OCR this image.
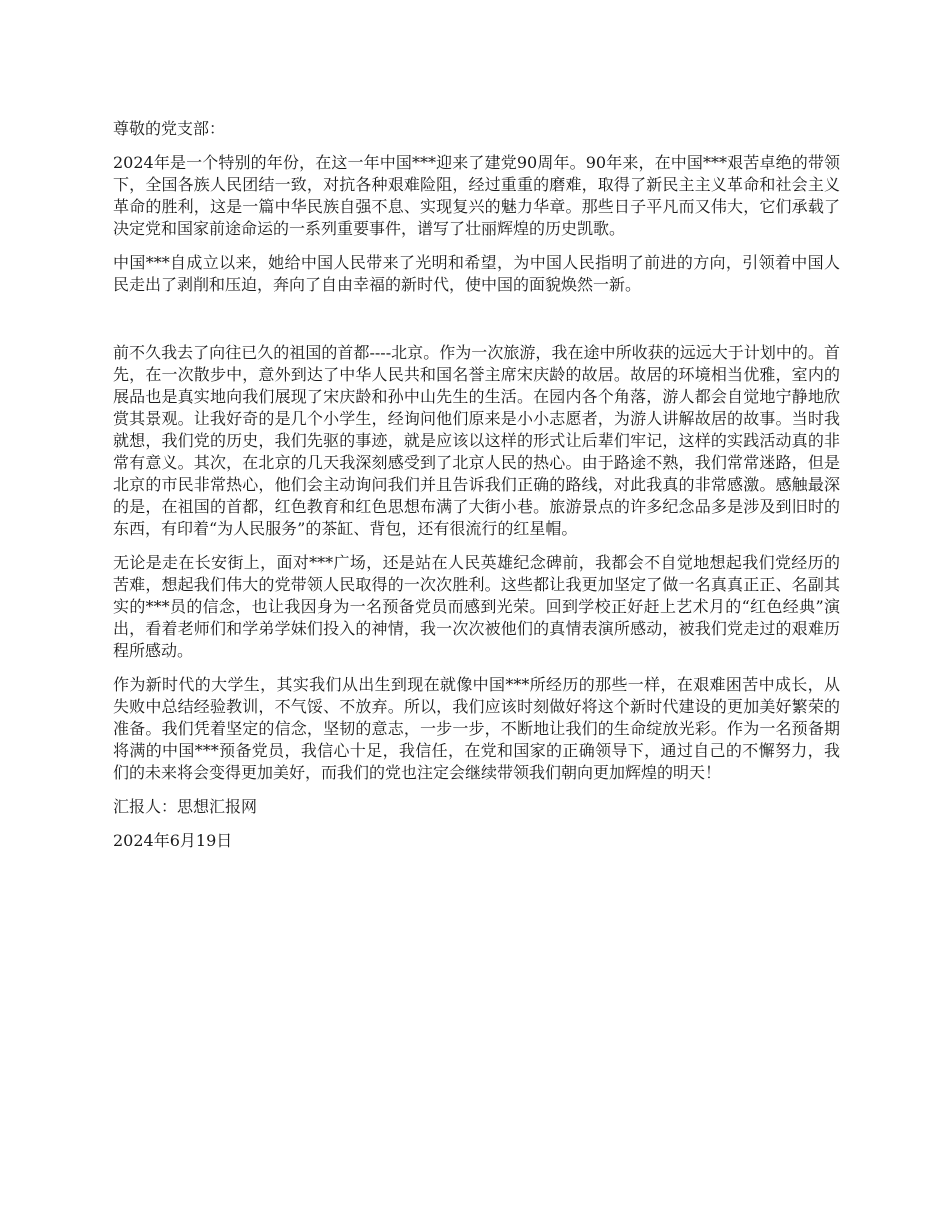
尊敬的党支部：

2024年是一个特别的年份，在这一年中国***迎来了建党90周年。90年来，在中国***艰苦卓绝的带领下，全国各族人民团结一致，对抗各种艰难险阻，经过重重的磨难，取得了新民主主义革命和社会主义革命的胜利，这是一篇中华民族自强不息、实现复兴的魅力华章。那些日子平凡而又伟大，它们承载了决定党和国家前途命运的一系列重要事件，谱写了壮丽辉煌的历史凯歌。

中国***自成立以来，她给中国人民带来了光明和希望，为中国人民指明了前进的方向，引领着中国人民走出了剥削和压迫，奔向了自由幸福的新时代，使中国的面貌焕然一新。

前不久我去了向往已久的祖国的首都----北京。作为一次旅游，我在途中所收获的远远大于计划中的。首先，在一次散步中，意外到达了中华人民共和国名誉主席宋庆龄的故居。故居的环境相当优雅，室内的展品也是真实地向我们展现了宋庆龄和孙中山先生的生活。在园内各个角落，游人都会自觉地宁静地欣赏其景观。让我好奇的是几个小学生，经询问他们原来是小小志愿者，为游人讲解故居的故事。当时我就想，我们党的历史，我们先驱的事迹，就是应该以这样的形式让后辈们牢记，这样的实践活动真的非常有意义。其次，在北京的几天我深刻感受到了北京人民的热心。由于路途不熟，我们常常迷路，但是北京的市民非常热心，他们会主动询问我们并且告诉我们正确的路线，对此我真的非常感激。感触最深的是，在祖国的首都，红色教育和红色思想布满了大街小巷。旅游景点的许多纪念品多是涉及到旧时的东西，有印着“为人民服务”的茶缸、背包，还有很流行的红星帽。

无论是走在长安街上，面对***广场，还是站在人民英雄纪念碑前，我都会不自觉地想起我们党经历的苦难，想起我们伟大的党带领人民取得的一次次胜利。这些都让我更加坚定了做一名真真正正、名副其实的***员的信念，也让我因身为一名预备党员而感到光荣。回到学校正好赶上艺术月的“红色经典”演出，看着老师们和学弟学妹们投入的神情，我一次次被他们的真情表演所感动，被我们党走过的艰难历程所感动。

作为新时代的大学生，其实我们从出生到现在就像中国***所经历的那些一样，在艰难困苦中成长，从失败中总结经验教训，不气馁、不放弃。所以，我们应该时刻做好将这个新时代建设的更加美好繁荣的准备。我们凭着坚定的信念，坚韧的意志，一步一步，不断地让我们的生命绽放光彩。作为一名预备期将满的中国***预备党员，我信心十足，我信任，在党和国家的正确领导下，通过自己的不懈努力，我们的未来将会变得更加美好，而我们的党也注定会继续带领我们朝向更加辉煌的明天！

汇报人：思想汇报网

2024年6月19日
